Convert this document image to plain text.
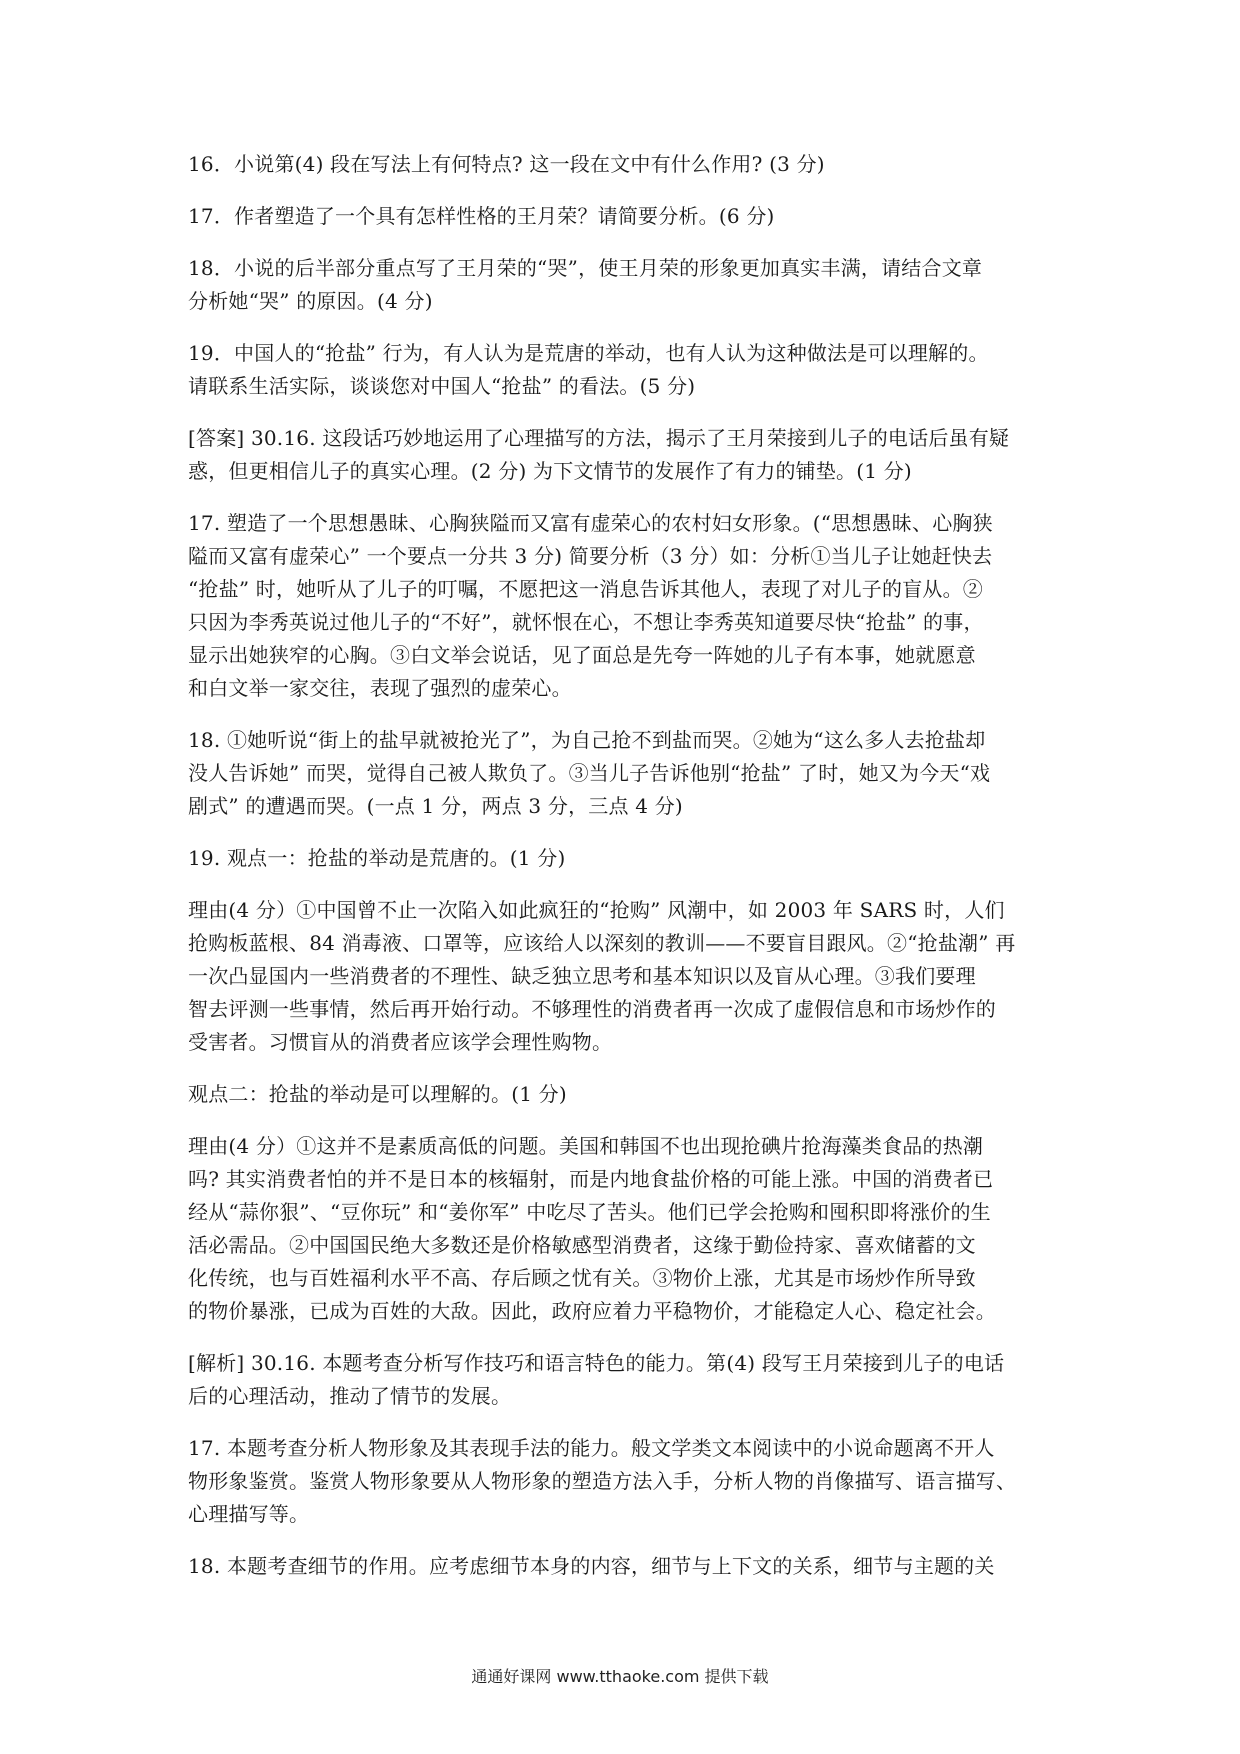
16．小说第(4) 段在写法上有何特点? 这一段在文中有什么作用? (3 分)
17．作者塑造了一个具有怎样性格的王月荣？请简要分析。(6 分)
18．小说的后半部分重点写了王月荣的“哭”，使王月荣的形象更加真实丰满，请结合文章
分析她“哭” 的原因。(4 分)
19．中国人的“抢盐” 行为，有人认为是荒唐的举动，也有人认为这种做法是可以理解的。
请联系生活实际，谈谈您对中国人“抢盐” 的看法。(5 分)
[答案] 30.16. 这段话巧妙地运用了心理描写的方法，揭示了王月荣接到儿子的电话后虽有疑
惑，但更相信儿子的真实心理。(2 分) 为下文情节的发展作了有力的铺垫。(1 分)
17. 塑造了一个思想愚昧、心胸狭隘而又富有虚荣心的农村妇女形象。(“思想愚昧、心胸狭
隘而又富有虚荣心” 一个要点一分共 3 分) 简要分析（3 分）如：分析①当儿子让她赶快去
“抢盐” 时，她听从了儿子的叮嘱，不愿把这一消息告诉其他人，表现了对儿子的盲从。②
只因为李秀英说过他儿子的“不好”，就怀恨在心，不想让李秀英知道要尽快“抢盐” 的事，
显示出她狭窄的心胸。③白文举会说话，见了面总是先夸一阵她的儿子有本事，她就愿意
和白文举一家交往，表现了强烈的虚荣心。
18. ①她听说“街上的盐早就被抢光了”，为自己抢不到盐而哭。②她为“这么多人去抢盐却
没人告诉她” 而哭，觉得自己被人欺负了。③当儿子告诉他别“抢盐” 了时，她又为今天“戏
剧式” 的遭遇而哭。(一点 1 分，两点 3 分，三点 4 分)
19. 观点一：抢盐的举动是荒唐的。(1 分)
理由(4 分）①中国曾不止一次陷入如此疯狂的“抢购” 风潮中，如 2003 年 SARS 时，人们
抢购板蓝根、84 消毒液、口罩等，应该给人以深刻的教训——不要盲目跟风。②“抢盐潮” 再
一次凸显国内一些消费者的不理性、缺乏独立思考和基本知识以及盲从心理。③我们要理
智去评测一些事情，然后再开始行动。不够理性的消费者再一次成了虚假信息和市场炒作的
受害者。习惯盲从的消费者应该学会理性购物。
观点二：抢盐的举动是可以理解的。(1 分)
理由(4 分）①这并不是素质高低的问题。美国和韩国不也出现抢碘片抢海藻类食品的热潮
吗? 其实消费者怕的并不是日本的核辐射，而是内地食盐价格的可能上涨。中国的消费者已
经从“蒜你狠”、“豆你玩” 和“姜你军” 中吃尽了苦头。他们已学会抢购和囤积即将涨价的生
活必需品。②中国国民绝大多数还是价格敏感型消费者，这缘于勤俭持家、喜欢储蓄的文
化传统，也与百姓福利水平不高、存后顾之忧有关。③物价上涨，尤其是市场炒作所导致
的物价暴涨，已成为百姓的大敌。因此，政府应着力平稳物价，才能稳定人心、稳定社会。
[解析] 30.16. 本题考查分析写作技巧和语言特色的能力。第(4) 段写王月荣接到儿子的电话
后的心理活动，推动了情节的发展。
17. 本题考查分析人物形象及其表现手法的能力。般文学类文本阅读中的小说命题离不开人
物形象鉴赏。鉴赏人物形象要从人物形象的塑造方法入手，分析人物的肖像描写、语言描写、
心理描写等。
18. 本题考查细节的作用。应考虑细节本身的内容，细节与上下文的关系，细节与主题的关
通通好课网 www.tthaoke.com 提供下载
